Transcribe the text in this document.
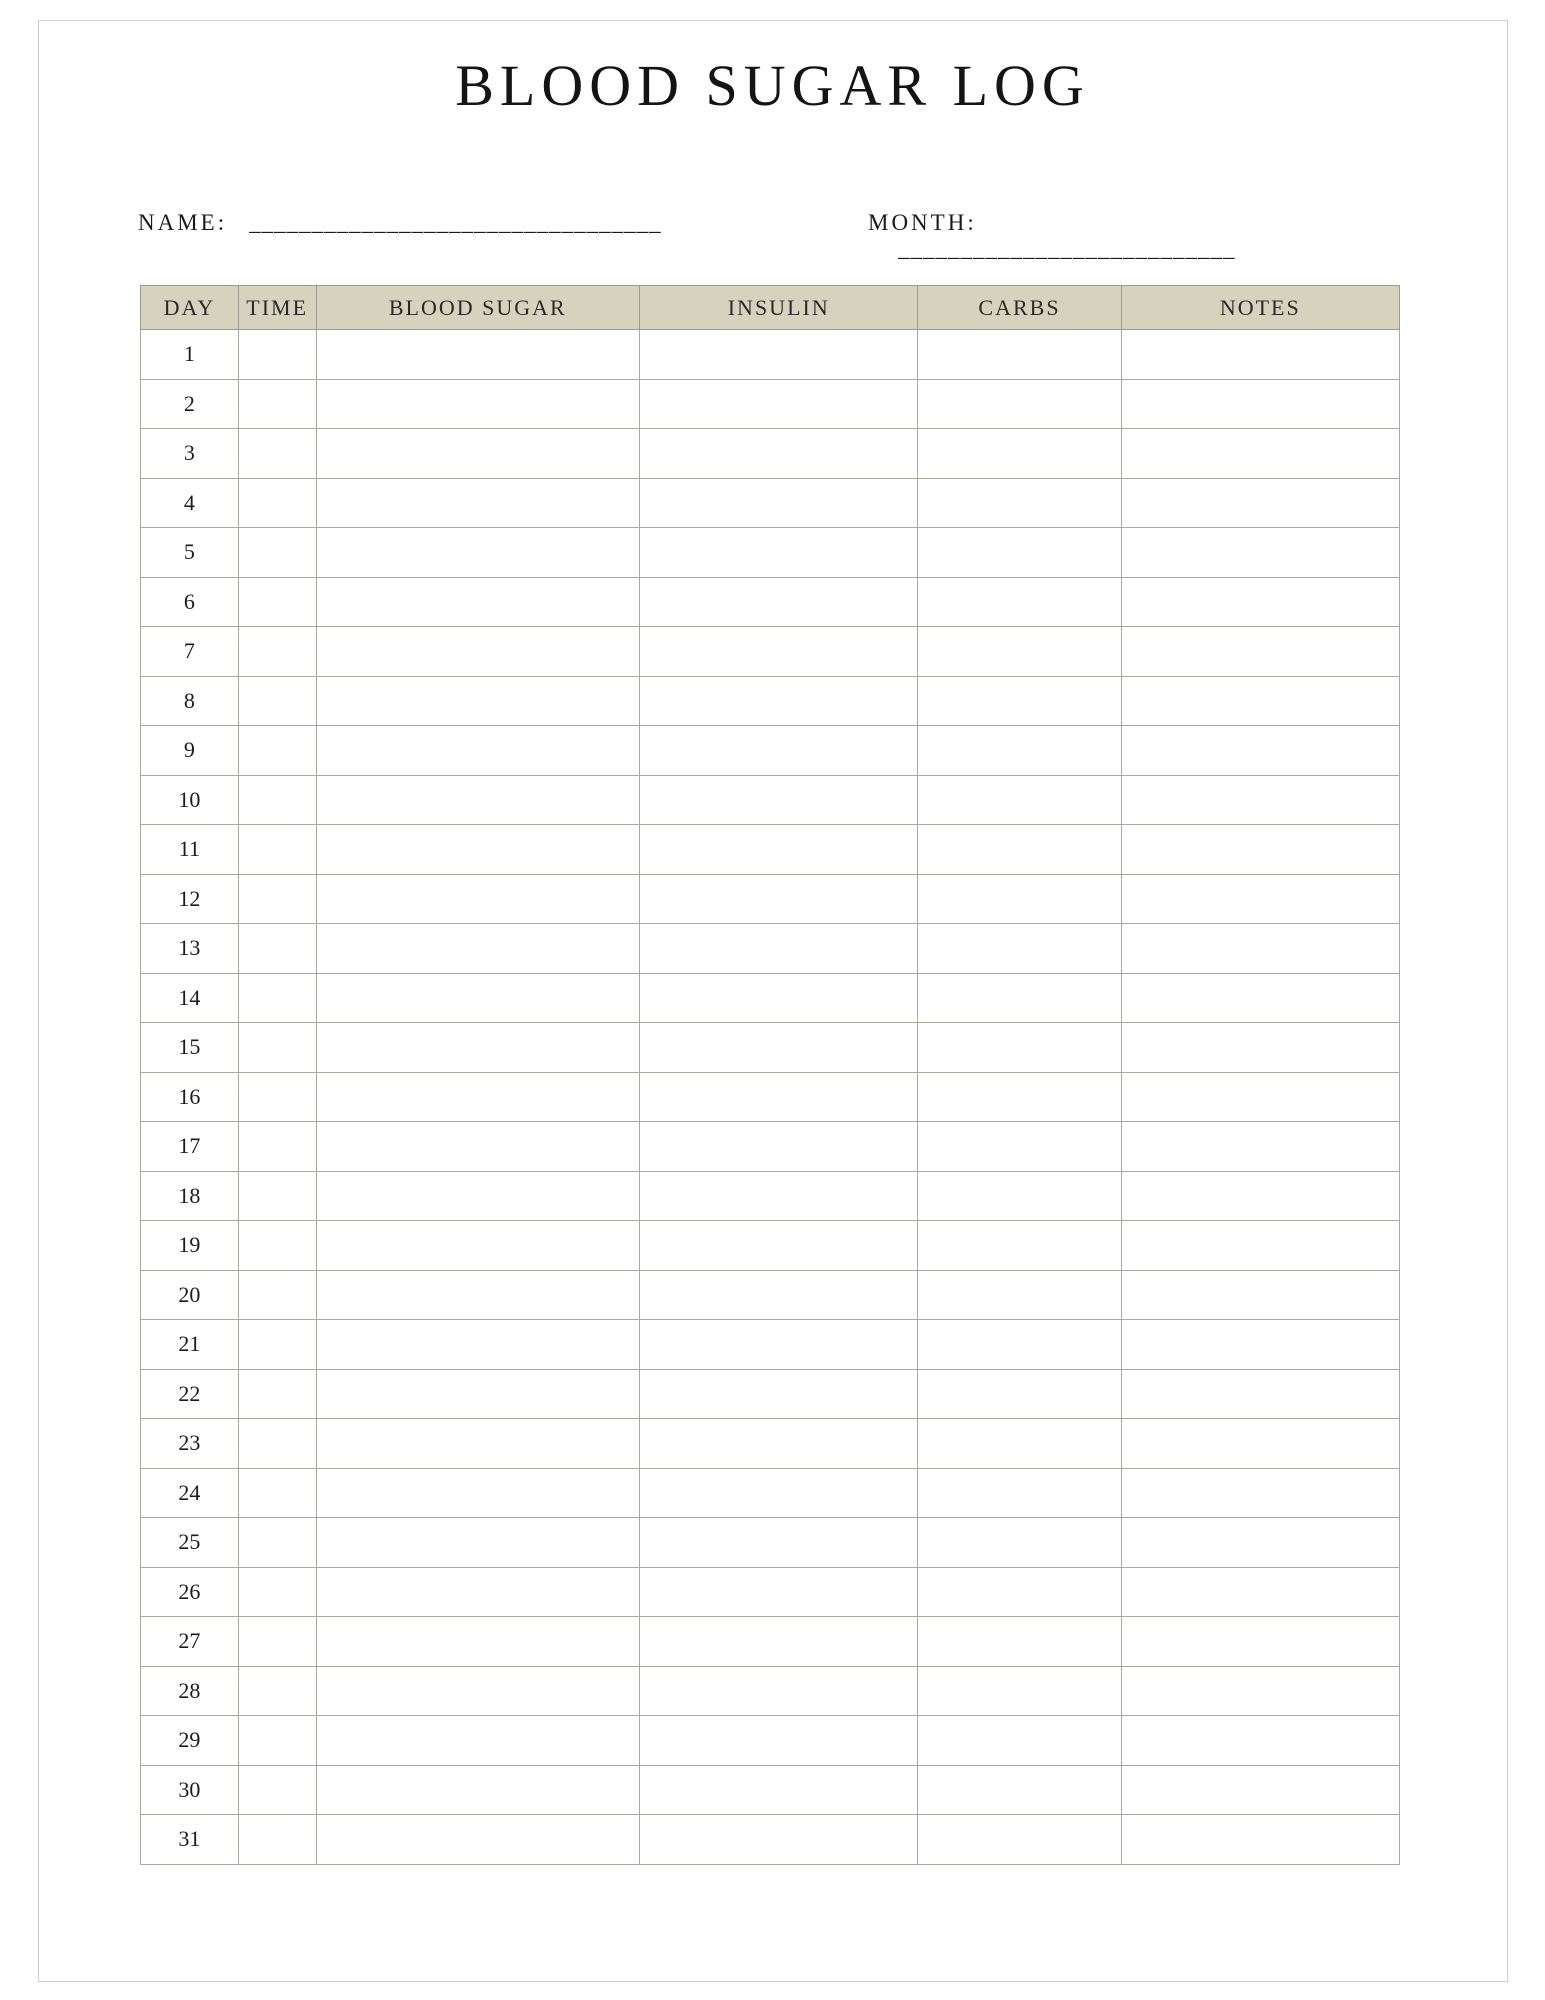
BLOOD SUGAR LOG
NAME: _________________________________	MONTH:___________________________
DAY	TIME	BLOOD SUGAR	INSULIN	CARBS	NOTES
1					
2					
3					
4					
5					
6					
7					
8					
9					
10					
11					
12					
13					
14					
15					
16					
17					
18					
19					
20					
21					
22					
23					
24					
25					
26					
27					
28					
29					
30					
31					
